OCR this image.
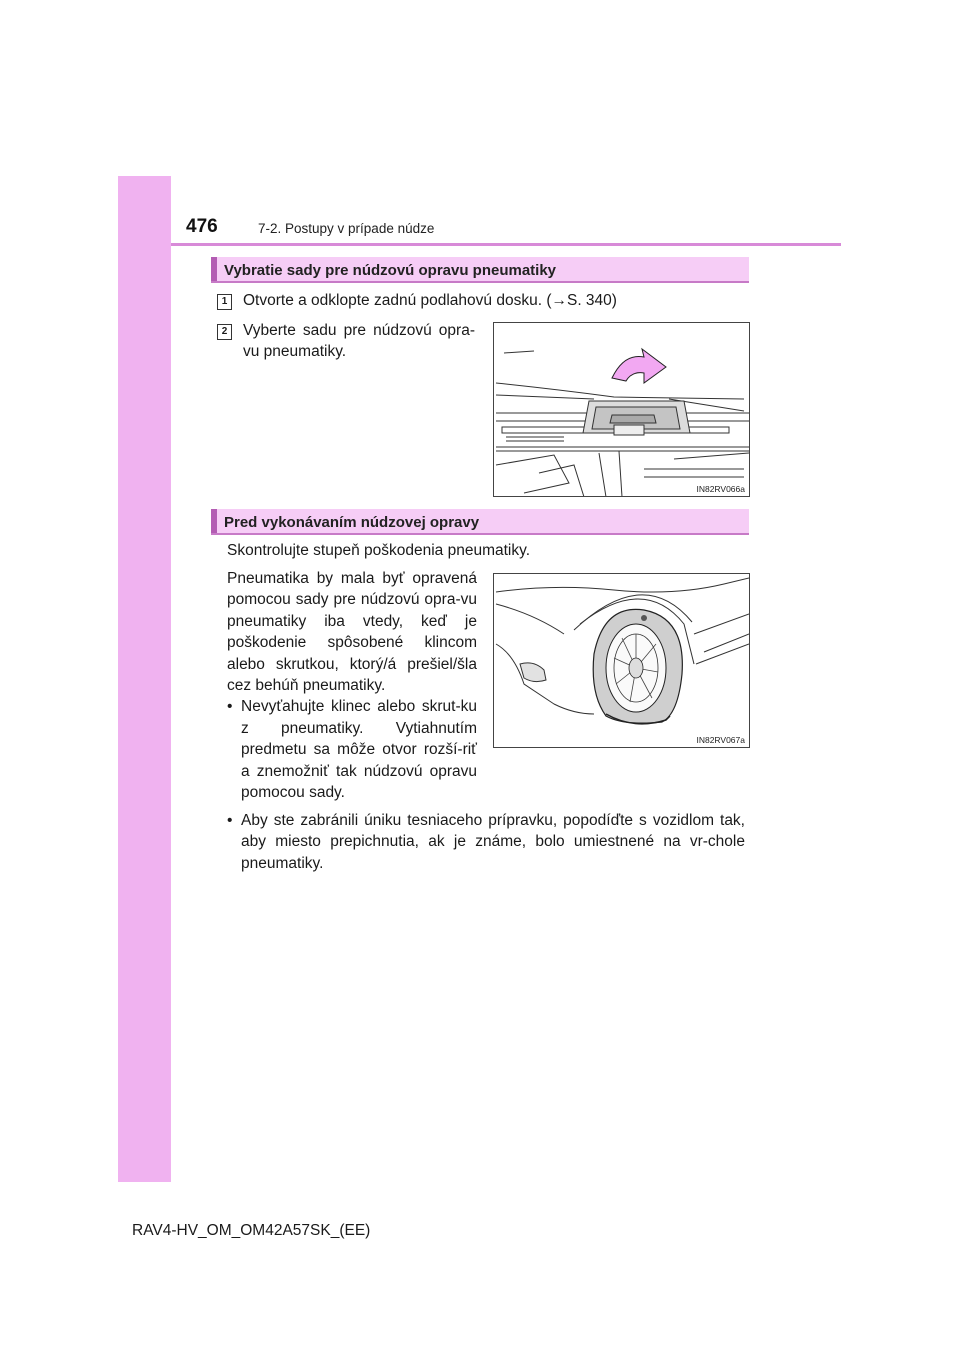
476	7-2. Postupy v prípade núdze
Vybratie sady pre núdzovú opravu pneumatiky
1	Otvorte a odklopte zadnú podlahovú dosku. (→S. 340)
2	Vyberte sadu pre núdzovú opra-vu pneumatiky.
IN82RV066a
Pred vykonávaním núdzovej opravy
Skontrolujte stupeň poškodenia pneumatiky.
Pneumatika by mala byť opravená pomocou sady pre núdzovú opra-vu pneumatiky iba vtedy, keď je poškodenie spôsobené klincom alebo skrutkou, ktorý/á prešiel/šla cez behúň pneumatiky.
• Nevyťahujte klinec alebo skrut-ku z pneumatiky. Vytiahnutím predmetu sa môže otvor rozší-riť a znemožniť tak núdzovú opravu pomocou sady.
• Aby ste zabránili úniku tesniaceho prípravku, popodíďte s vozidlom tak, aby miesto prepichnutia, ak je známe, bolo umiestnené na vr-chole pneumatiky.
IN82RV067a
RAV4-HV_OM_OM42A57SK_(EE)
